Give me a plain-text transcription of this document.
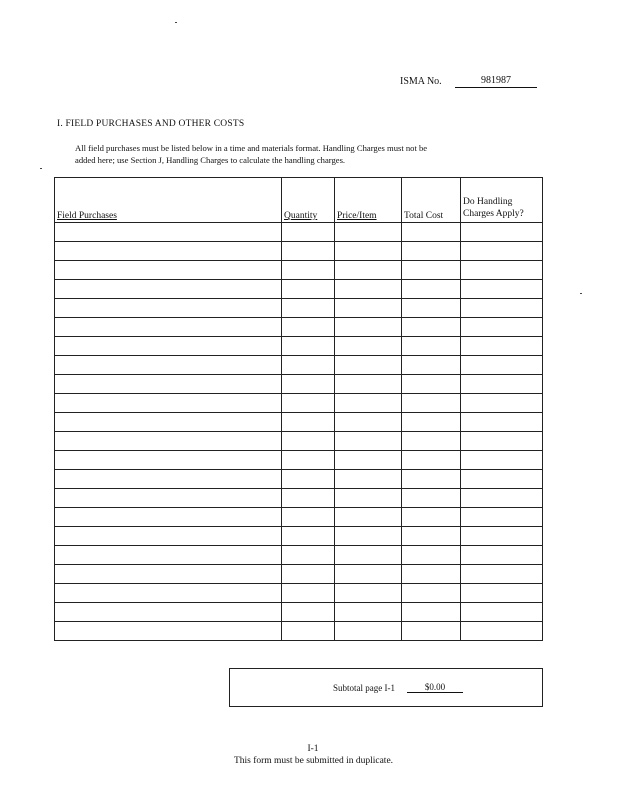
ISMA No.	981987
I. FIELD PURCHASES AND OTHER COSTS
All field purchases must be listed below in a time and materials format. Handling Charges must not be
added here; use Section J, Handling Charges to calculate the handling charges.
Field Purchases	Quantity	Price/Item	Total Cost	Do Handling
Charges Apply?

Subtotal page I-1	$0.00
I-1
This form must be submitted in duplicate.
